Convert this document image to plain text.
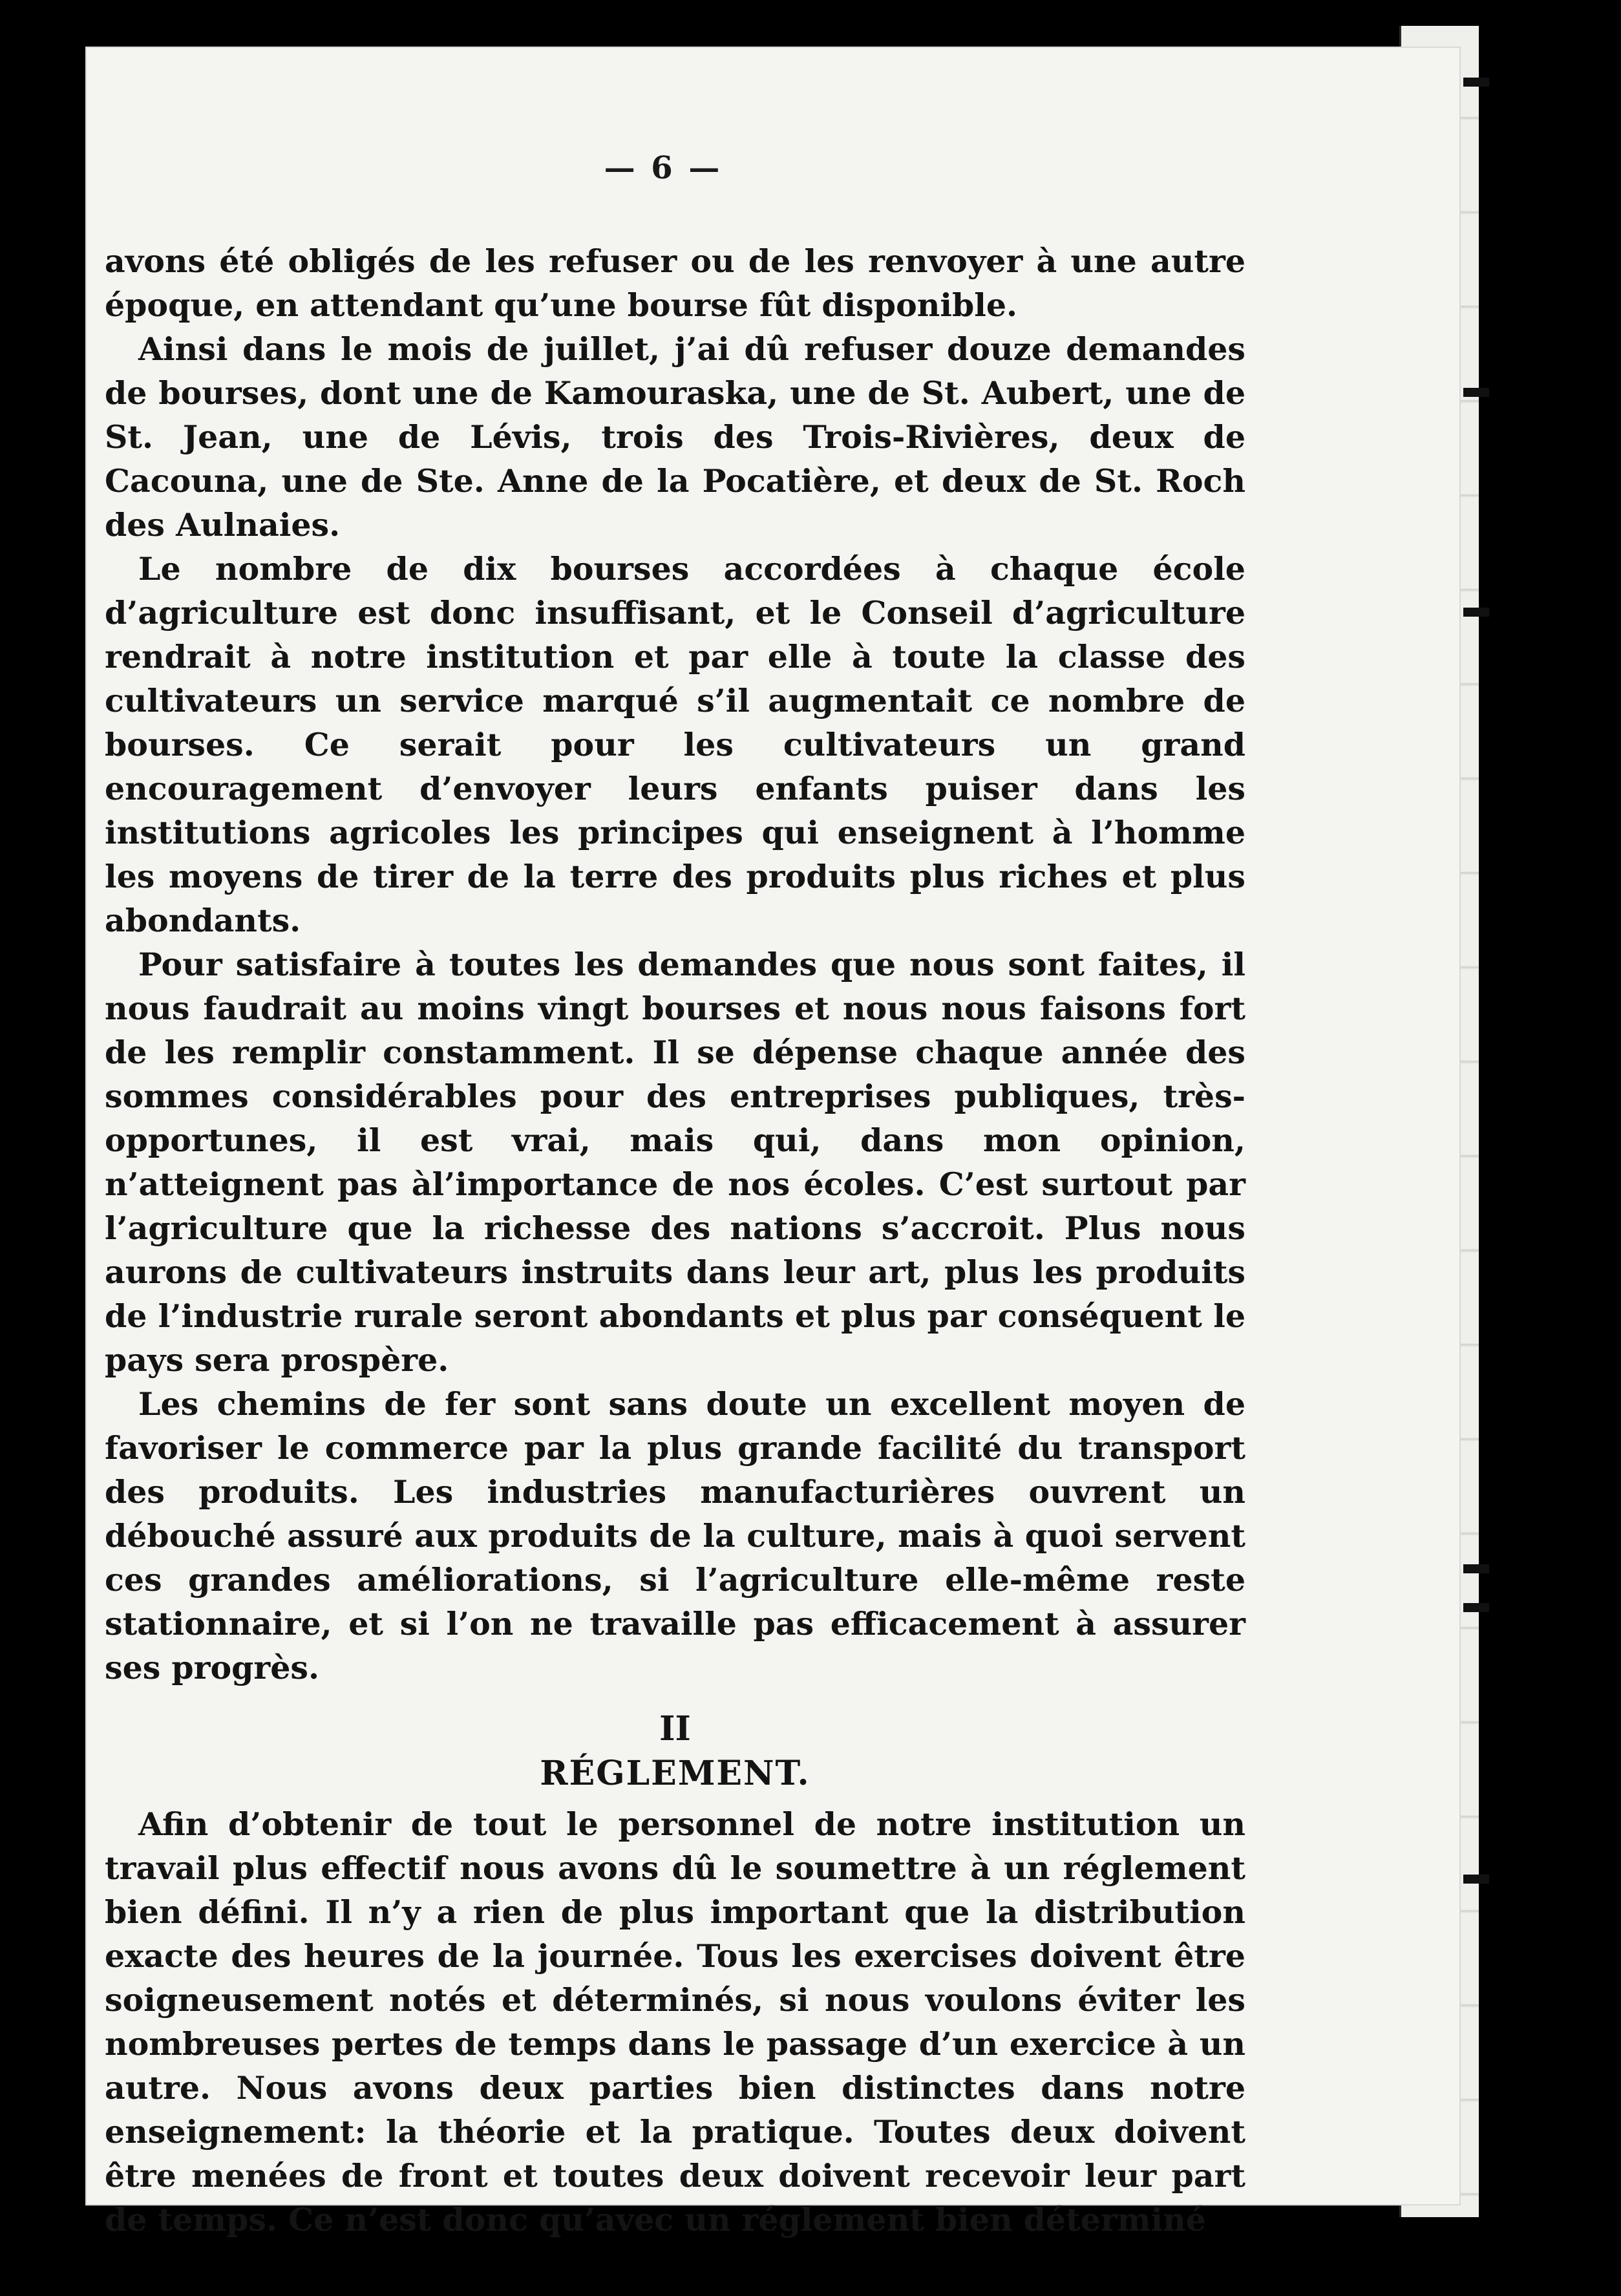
— 6 —

avons été obligés de les refuser ou de les renvoyer à une autre époque, en attendant qu’une bourse fût disponible.

Ainsi dans le mois de juillet, j’ai dû refuser douze demandes de bourses, dont une de Kamouraska, une de St. Aubert, une de St. Jean, une de Lévis, trois des Trois-Rivières, deux de Cacouna, une de Ste. Anne de la Pocatière, et deux de St. Roch des Aulnaies.

Le nombre de dix bourses accordées à chaque école d’agriculture est donc insuffisant, et le Conseil d’agriculture rendrait à notre institution et par elle à toute la classe des cultivateurs un service marqué s’il augmentait ce nombre de bourses. Ce serait pour les cultivateurs un grand encouragement d’envoyer leurs enfants puiser dans les institutions agricoles les principes qui enseignent à l’homme les moyens de tirer de la terre des produits plus riches et plus abondants.

Pour satisfaire à toutes les demandes que nous sont faites, il nous faudrait au moins vingt bourses et nous nous faisons fort de les remplir constamment. Il se dépense chaque année des sommes considérables pour des entreprises publiques, très-opportunes, il est vrai, mais qui, dans mon opinion, n’atteignent pas àl’importance de nos écoles. C’est surtout par l’agriculture que la richesse des nations s’accroit. Plus nous aurons de cultivateurs instruits dans leur art, plus les produits de l’industrie rurale seront abondants et plus par conséquent le pays sera prospère.

Les chemins de fer sont sans doute un excellent moyen de favoriser le commerce par la plus grande facilité du transport des produits. Les industries manufacturières ouvrent un débouché assuré aux produits de la culture, mais à quoi servent ces grandes améliorations, si l’agriculture elle-même reste stationnaire, et si l’on ne travaille pas efficacement à assurer ses progrès.

II
RÉGLEMENT.

Afin d’obtenir de tout le personnel de notre institution un travail plus effectif nous avons dû le soumettre à un réglement bien défini. Il n’y a rien de plus important que la distribution exacte des heures de la journée. Tous les exercises doivent être soigneusement notés et déterminés, si nous voulons éviter les nombreuses pertes de temps dans le passage d’un exercice à un autre. Nous avons deux parties bien distinctes dans notre enseignement: la théorie et la pratique. Toutes deux doivent être menées de front et toutes deux doivent recevoir leur part de temps. Ce n’est donc qu’avec un réglement bien déterminé
